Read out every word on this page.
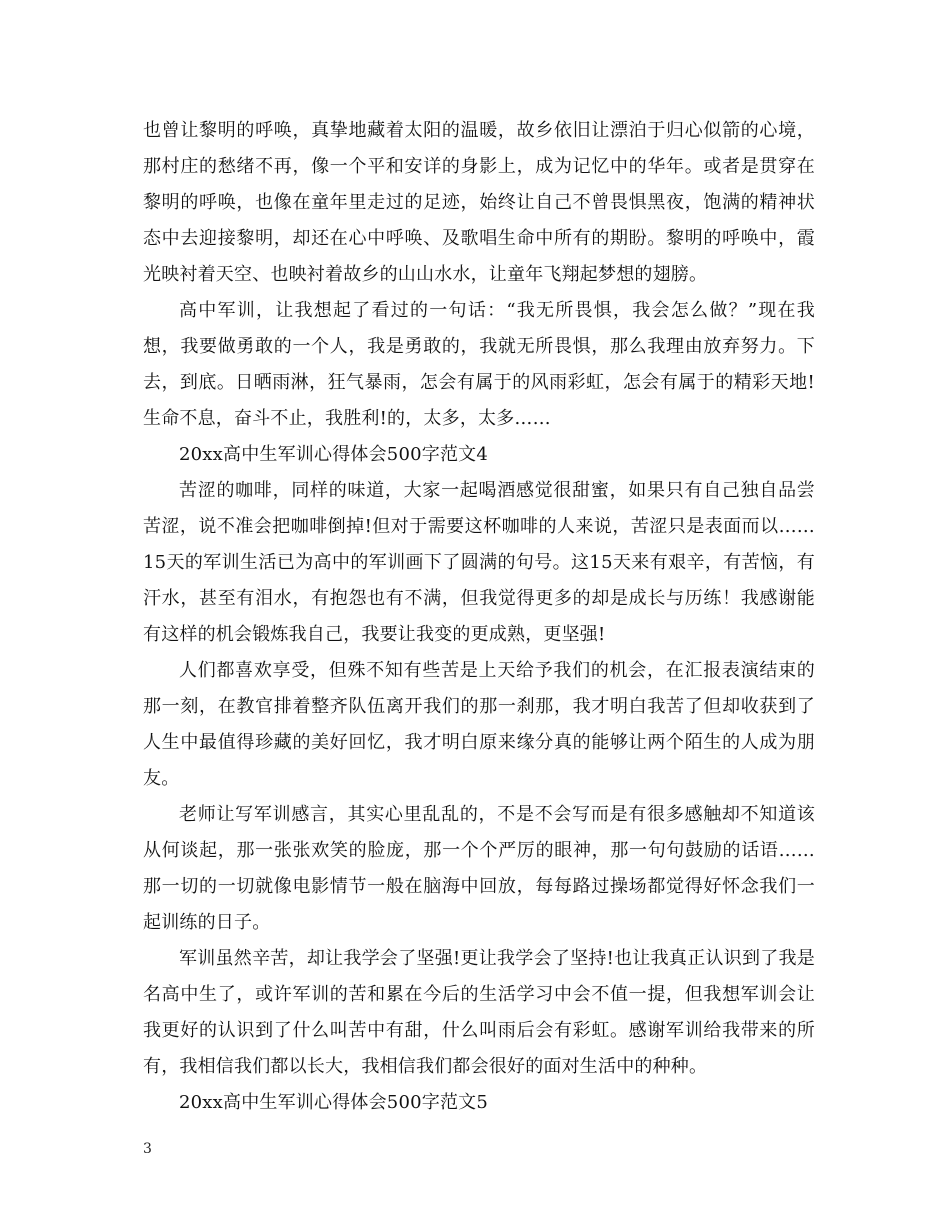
也曾让黎明的呼唤，真挚地藏着太阳的温暖，故乡依旧让漂泊于归心似箭的心境，那村庄的愁绪不再，像一个平和安详的身影上，成为记忆中的华年。或者是贯穿在黎明的呼唤，也像在童年里走过的足迹，始终让自己不曾畏惧黑夜，饱满的精神状态中去迎接黎明，却还在心中呼唤、及歌唱生命中所有的期盼。黎明的呼唤中，霞光映衬着天空、也映衬着故乡的山山水水，让童年飞翔起梦想的翅膀。

高中军训，让我想起了看过的一句话：“我无所畏惧，我会怎么做？”现在我想，我要做勇敢的一个人，我是勇敢的，我就无所畏惧，那么我理由放弃努力。下去，到底。日晒雨淋，狂气暴雨，怎会有属于的风雨彩虹，怎会有属于的精彩天地!生命不息，奋斗不止，我胜利!的，太多，太多……

20xx高中生军训心得体会500字范文4

苦涩的咖啡，同样的味道，大家一起喝酒感觉很甜蜜，如果只有自己独自品尝苦涩，说不准会把咖啡倒掉!但对于需要这杯咖啡的人来说，苦涩只是表面而以…… 15天的军训生活已为高中的军训画下了圆满的句号。这15天来有艰辛，有苦恼，有汗水，甚至有泪水，有抱怨也有不满，但我觉得更多的却是成长与历练！我感谢能有这样的机会锻炼我自己，我要让我变的更成熟，更坚强!

人们都喜欢享受，但殊不知有些苦是上天给予我们的机会，在汇报表演结束的那一刻，在教官排着整齐队伍离开我们的那一刹那，我才明白我苦了但却收获到了人生中最值得珍藏的美好回忆，我才明白原来缘分真的能够让两个陌生的人成为朋友。

老师让写军训感言，其实心里乱乱的，不是不会写而是有很多感触却不知道该从何谈起，那一张张欢笑的脸庞，那一个个严厉的眼神，那一句句鼓励的话语……那一切的一切就像电影情节一般在脑海中回放，每每路过操场都觉得好怀念我们一起训练的日子。

军训虽然辛苦，却让我学会了坚强!更让我学会了坚持!也让我真正认识到了我是名高中生了，或许军训的苦和累在今后的生活学习中会不值一提，但我想军训会让我更好的认识到了什么叫苦中有甜，什么叫雨后会有彩虹。感谢军训给我带来的所有，我相信我们都以长大，我相信我们都会很好的面对生活中的种种。

20xx高中生军训心得体会500字范文5

3
